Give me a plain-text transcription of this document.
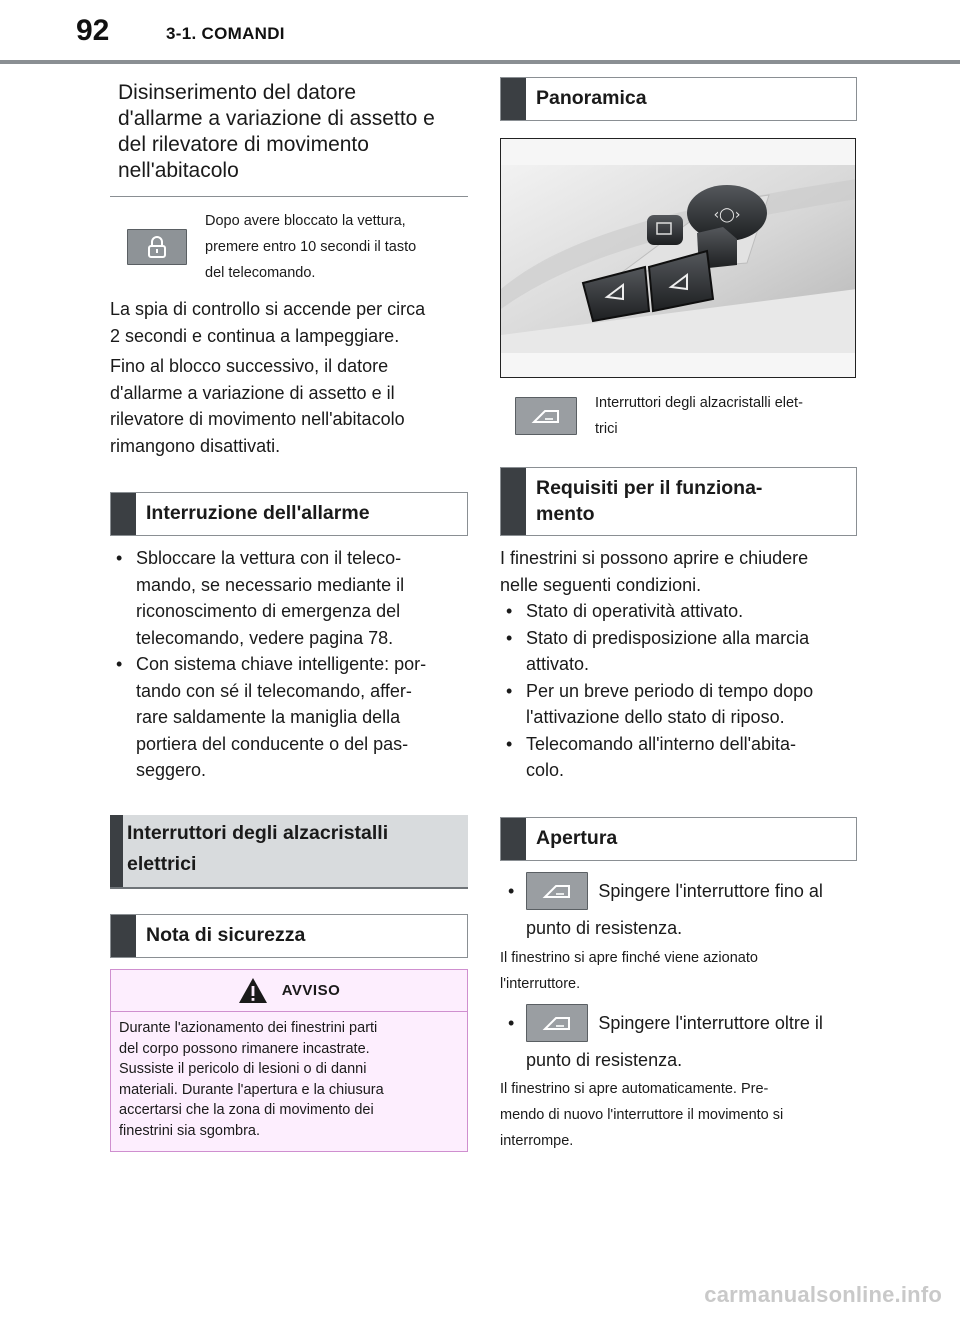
92	3-1. COMANDI
Disinserimento del datore
d'allarme a variazione di assetto e
del rilevatore di movimento
nell'abitacolo
Dopo avere bloccato la vettura,
premere entro 10 secondi il tasto
del telecomando.
La spia di controllo si accende per circa
2 secondi e continua a lampeggiare.
Fino al blocco successivo, il datore
d'allarme a variazione di assetto e il
rilevatore di movimento nell'abitacolo
rimangono disattivati.
Interruzione dell'allarme
• Sbloccare la vettura con il teleco-
mando, se necessario mediante il
riconoscimento di emergenza del
telecomando, vedere pagina 78.
• Con sistema chiave intelligente: por-
tando con sé il telecomando, affer-
rare saldamente la maniglia della
portiera del conducente o del pas-
seggero.
Interruttori degli alzacristalli
elettrici
Nota di sicurezza
AVVISO
Durante l'azionamento dei finestrini parti
del corpo possono rimanere incastrate.
Sussiste il pericolo di lesioni o di danni
materiali. Durante l'apertura e la chiusura
accertarsi che la zona di movimento dei
finestrini sia sgombra.
Panoramica
‹◯›
Interruttori degli alzacristalli elet-
trici
Requisiti per il funziona-
mento
I finestrini si possono aprire e chiudere
nelle seguenti condizioni.
• Stato di operatività attivato.
• Stato di predisposizione alla marcia
attivato.
• Per un breve periodo di tempo dopo
l'attivazione dello stato di riposo.
• Telecomando all'interno dell'abita-
colo.
Apertura
•	Spingere l'interruttore fino al
punto di resistenza.
Il finestrino si apre finché viene azionato
l'interruttore.
•	Spingere l'interruttore oltre il
punto di resistenza.
Il finestrino si apre automaticamente. Pre-
mendo di nuovo l'interruttore il movimento si
interrompe.
carmanualsonline.info
